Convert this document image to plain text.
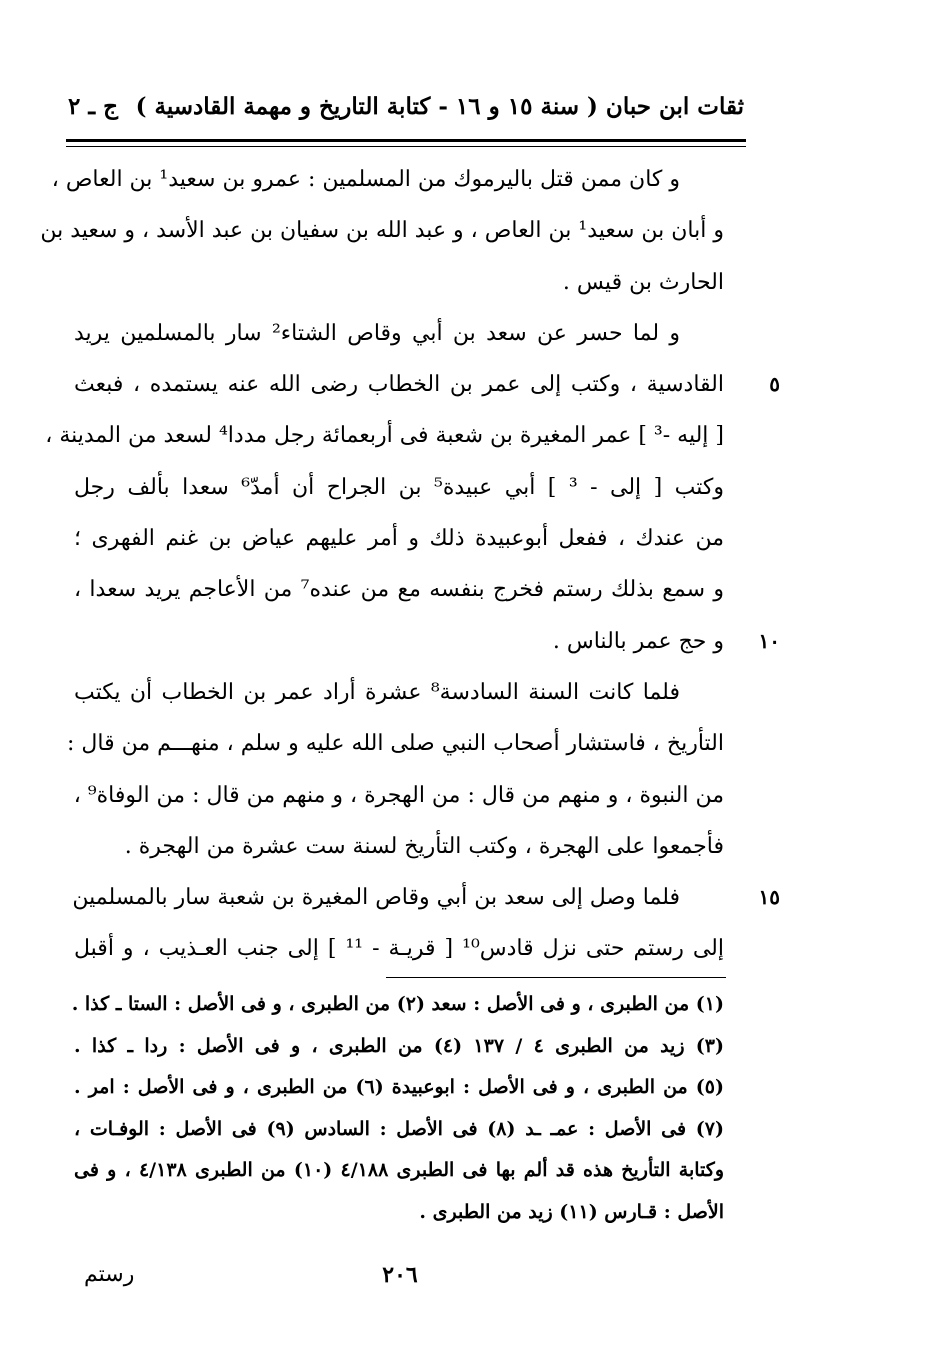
ثقات ابن حبان ( سنة ١٥ و ١٦ - كتابة التاريخ و مهمة القادسية )
ج ـ ٢
و كان ممن قتل باليرموك من المسلمين : عمرو بن سعيد¹ بن العاص ،
و أبان بن سعيد¹ بن العاص ، و عبد الله بن سفيان بن عبد الأسد ، و سعيد بن
الحارث بن قيس .
و لما حسر عن سعد بن أبي وقاص الشتاء² سار بالمسلمين يريد
القادسية ، وكتب إلى عمر بن الخطاب رضى الله عنه يستمده ، فبعث	٥
[ إليه -³ ] عمر المغيرة بن شعبة فى أربعمائة رجل مددا⁴ لسعد من المدينة ،
وكتب [ إلى - ³ ] أبي عبيدة⁵ بن الجراح أن أمدّ⁶ سعدا بألف رجل
من عندك ، ففعل أبوعبيدة ذلك و أمر عليهم عياض بن غنم الفهرى ؛
و سمع بذلك رستم فخرج بنفسه مع من عنده⁷ من الأعاجم يريد سعدا ،
و حج عمر بالناس .	١٠
فلما كانت السنة السادسة⁸ عشرة أراد عمر بن الخطاب أن يكتب
التأريخ ، فاستشار أصحاب النبي صلى الله عليه و سلم ، منهـــم من قال :
من النبوة ، و منهم من قال : من الهجرة ، و منهم من قال : من الوفاة⁹ ،
فأجمعوا على الهجرة ، وكتب التأريخ لسنة ست عشرة من الهجرة .
فلما وصل إلى سعد بن أبي وقاص المغيرة بن شعبة سار بالمسلمين	١٥
إلى رستم حتى نزل قادس¹⁰ [ قريـة - ¹¹ ] إلى جنب العـذيب ، و أقبل
(١) من الطبرى ، و فى الأصل : سعد (٢) من الطبرى ، و فى الأصل : الستا ـ كذا .
(٣) زيد من الطبرى ٤ / ١٣٧ (٤) من الطبرى ، و فى الأصل : ردا ـ كذا .
(٥) من الطبرى ، و فى الأصل : ابوعبيدة (٦) من الطبرى ، و فى الأصل : امر .
(٧) فى الأصل : عمـ ـد (٨) فى الأصل : السادس (٩) فى الأصل : الوفـات ،
وكتابة التأريخ هذه قد ألم بها فى الطبرى ٤/١٨٨ (١٠) من الطبرى ٤/١٣٨ ، و فى
الأصل : قـارس (١١) زيد من الطبرى .
٢٠٦
رستم
